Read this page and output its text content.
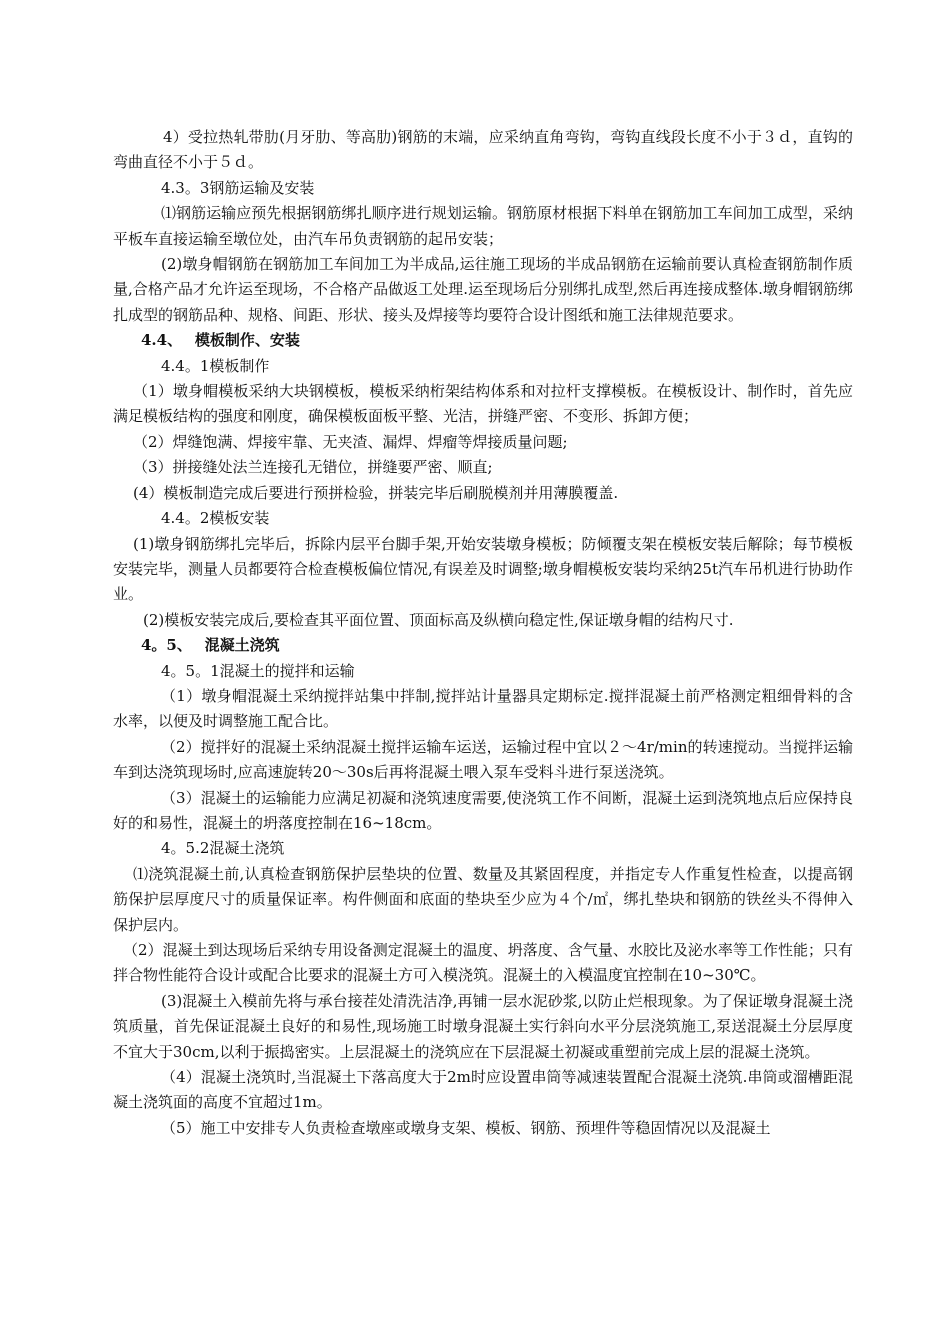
4）受拉热轧带肋(月牙肋、等高肋)钢筋的末端，应采纳直角弯钩，弯钩直线段长度不小于３ｄ，直钩的弯曲直径不小于５ｄ。

4.3。3钢筋运输及安装

⑴钢筋运输应预先根据钢筋绑扎顺序进行规划运输。钢筋原材根据下料单在钢筋加工车间加工成型，采纳平板车直接运输至墩位处，由汽车吊负责钢筋的起吊安装；

(2)墩身帽钢筋在钢筋加工车间加工为半成品,运往施工现场的半成品钢筋在运输前要认真检查钢筋制作质量,合格产品才允许运至现场，不合格产品做返工处理.运至现场后分别绑扎成型,然后再连接成整体.墩身帽钢筋绑扎成型的钢筋品种、规格、间距、形状、接头及焊接等均要符合设计图纸和施工法律规范要求。

4.4、　 模板制作、安装

4.4。1模板制作

（1）墩身帽模板采纳大块钢模板，模板采纳桁架结构体系和对拉杆支撑模板。在模板设计、制作时，首先应满足模板结构的强度和刚度，确保模板面板平整、光洁，拼缝严密、不变形、拆卸方便；

（2）焊缝饱满、焊接牢靠、无夹渣、漏焊、焊瘤等焊接质量问题;

（3）拼接缝处法兰连接孔无错位，拼缝要严密、顺直;

(4）模板制造完成后要进行预拼检验，拼装完毕后刷脱模剂并用薄膜覆盖.

4.4。2模板安装

(1)墩身钢筋绑扎完毕后，拆除内层平台脚手架,开始安装墩身模板；防倾覆支架在模板安装后解除；每节模板安装完毕，测量人员都要符合检查模板偏位情况,有误差及时调整;墩身帽模板安装均采纳25t汽车吊机进行协助作业。

(2)模板安装完成后,要检查其平面位置、顶面标高及纵横向稳定性,保证墩身帽的结构尺寸.

4。5、　 混凝土浇筑

4。5。1混凝土的搅拌和运输

（1）墩身帽混凝土采纳搅拌站集中拌制,搅拌站计量器具定期标定.搅拌混凝土前严格测定粗细骨料的含水率，以便及时调整施工配合比。

（2）搅拌好的混凝土采纳混凝土搅拌运输车运送，运输过程中宜以２～4r/min的转速搅动。当搅拌运输车到达浇筑现场时,应高速旋转20～30s后再将混凝土喂入泵车受料斗进行泵送浇筑。

（3）混凝土的运输能力应满足初凝和浇筑速度需要,使浇筑工作不间断，混凝土运到浇筑地点后应保持良好的和易性，混凝土的坍落度控制在16~18cm。

4。5.2混凝土浇筑

⑴浇筑混凝土前,认真检查钢筋保护层垫块的位置、数量及其紧固程度，并指定专人作重复性检查，以提高钢筋保护层厚度尺寸的质量保证率。构件侧面和底面的垫块至少应为４个/㎡，绑扎垫块和钢筋的铁丝头不得伸入保护层内。

（2）混凝土到达现场后采纳专用设备测定混凝土的温度、坍落度、含气量、水胶比及泌水率等工作性能；只有拌合物性能符合设计或配合比要求的混凝土方可入模浇筑。混凝土的入模温度宜控制在10~30℃。

(3)混凝土入模前先将与承台接茬处清洗洁净,再铺一层水泥砂浆,以防止烂根现象。为了保证墩身混凝土浇筑质量，首先保证混凝土良好的和易性,现场施工时墩身混凝土实行斜向水平分层浇筑施工,泵送混凝土分层厚度不宜大于30cm,以利于振捣密实。上层混凝土的浇筑应在下层混凝土初凝或重塑前完成上层的混凝土浇筑。

（4）混凝土浇筑时,当混凝土下落高度大于2m时应设置串筒等减速装置配合混凝土浇筑.串筒或溜槽距混凝土浇筑面的高度不宜超过1m。

（5）施工中安排专人负责检查墩座或墩身支架、模板、钢筋、预埋件等稳固情况以及混凝土
